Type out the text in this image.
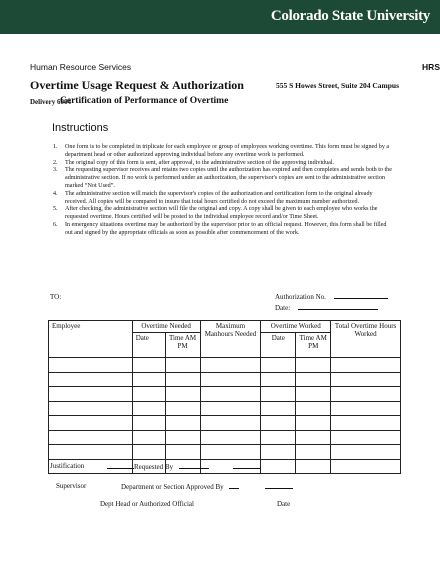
Colorado State University
Human Resource Services	HRS
Overtime Usage Request & Authorization	555 S Howes Street, Suite 204 Campus
Delivery 6004
Certification of Performance of Overtime
Instructions
1.	One form is to be completed in triplicate for each employee or group of employees working overtime. This form must be signed by a department head or other authorized approving individual before any overtime work is performed.
2.	The original copy of this form is sent, after approval, to the administrative section of the approving individual.
3.	The requesting supervisor receives and retains two copies until the authorization has expired and then completes and sends both to the administrative section. If no work is performed under an authorization, the supervisor's copies are sent to the administrative section marked “Not Used”.
4.	The administrative section will match the supervisor's copies of the authorization and certification form to the original already received. All copies will be compared to insure that total hours certified do not exceed the maximum number authorized.
5.	After checking, the administrative section will file the original and copy. A copy shall be given to each employee who works the requested overtime. Hours certified will be posted to the individual employee record and/or Time Sheet.
6.	In emergency situations overtime may be authorized by the supervisor prior to an official request. However, this form shall be filled out and signed by the appropriate officials as soon as possible after commencement of the work.
TO:	Authorization No.
Date:
Employee	Overtime Needed		Maximum Manhours Needed	Overtime Worked		Total Overtime Hours Worked
	Date	Time AM PM		Date	Time AM PM	

Justification	Requested By
Supervisor	Department or Section Approved By
Dept Head or Authorized Official	Date
